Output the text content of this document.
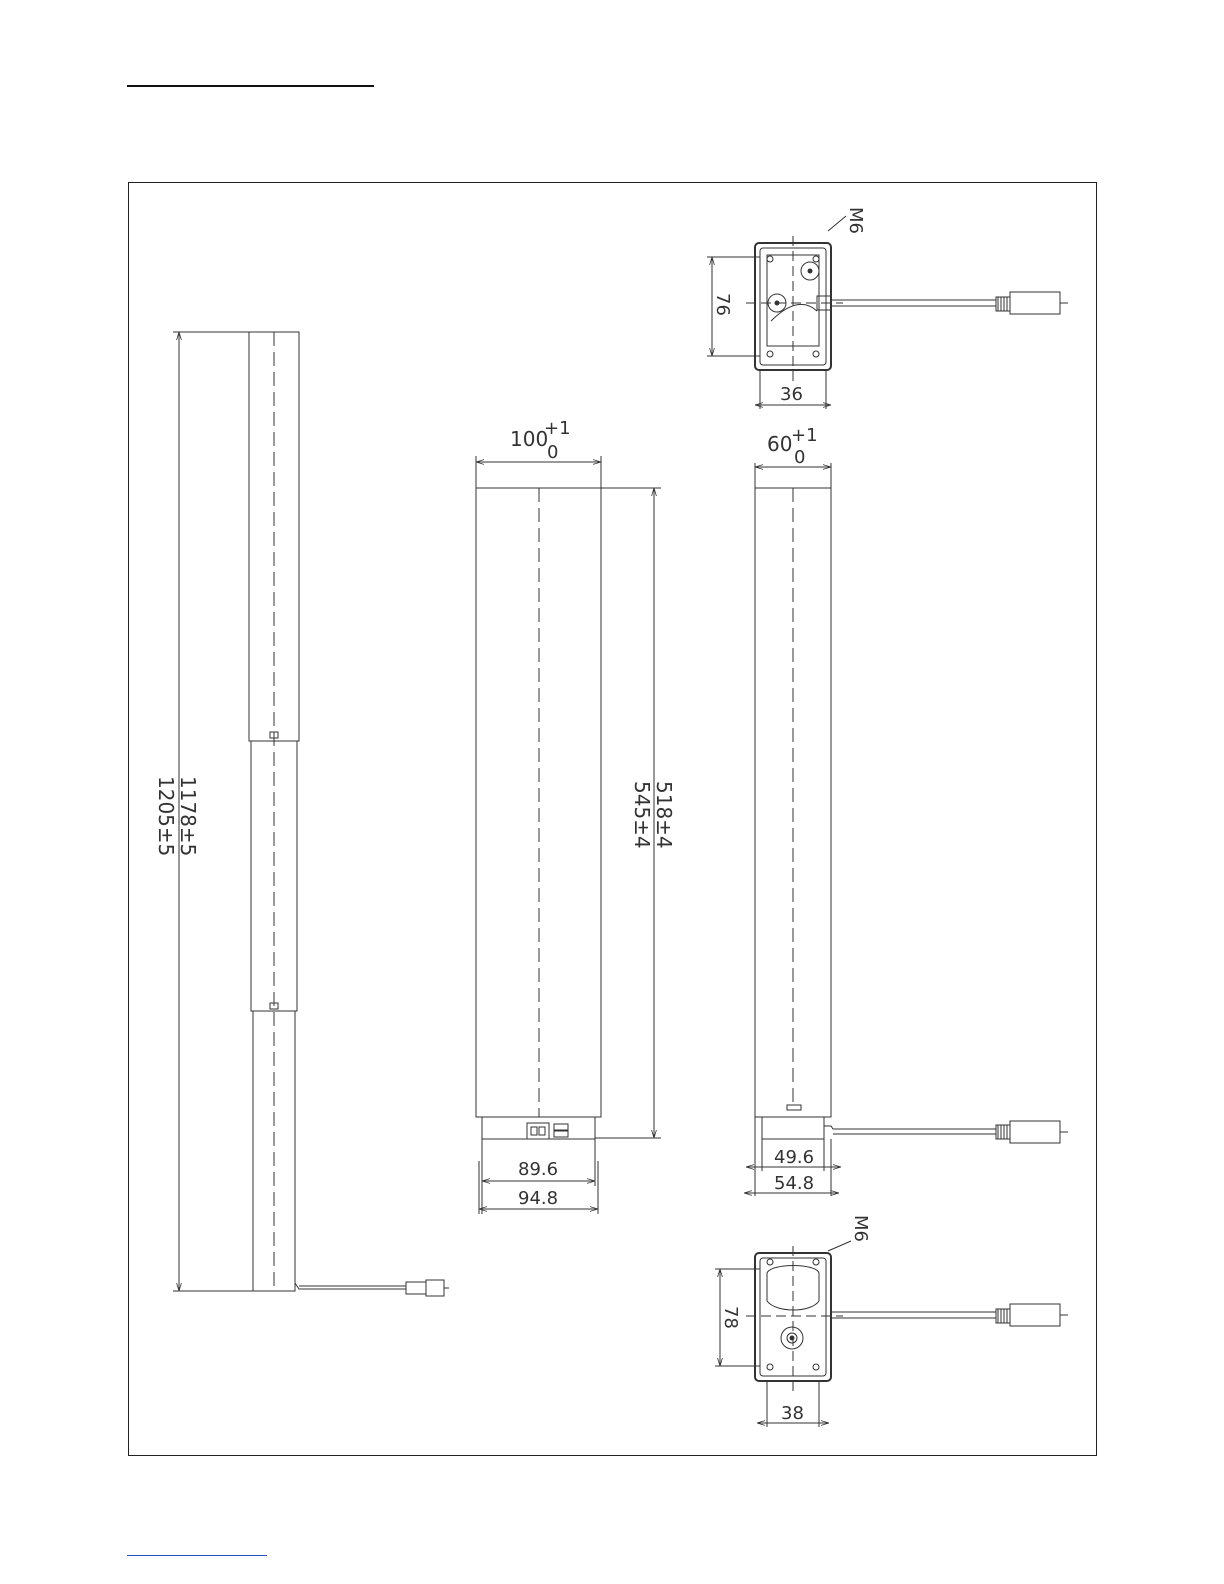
1178±5
1205±5
100
+1
0
518±4
545±4
89.6
94.8
60
+1
0
49.6
54.8
76
36
M6
78
38
M6
